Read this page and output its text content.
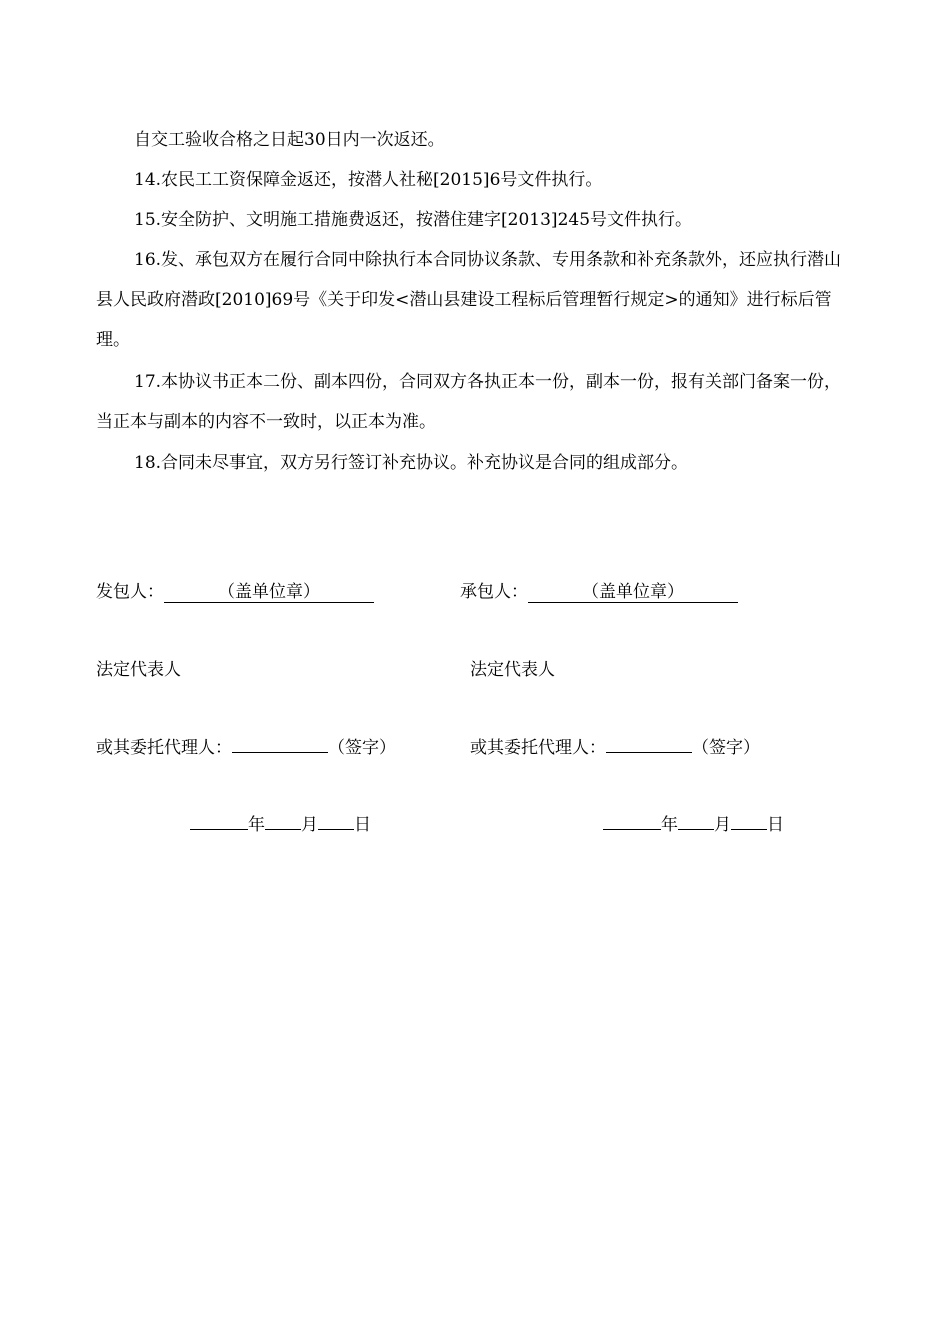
自交工验收合格之日起30日内一次返还。

14.农民工工资保障金返还，按潜人社秘[2015]6号文件执行。

15.安全防护、文明施工措施费返还，按潜住建字[2013]245号文件执行。

16.发、承包双方在履行合同中除执行本合同协议条款、专用条款和补充条款外，还应执行潜山县人民政府潜政[2010]69号《关于印发<潜山县建设工程标后管理暂行规定>的通知》进行标后管理。

17.本协议书正本二份、副本四份，合同双方各执正本一份，副本一份，报有关部门备案一份，当正本与副本的内容不一致时，以正本为准。

18.合同未尽事宜，双方另行签订补充协议。补充协议是合同的组成部分。

发包人：	（盖单位章）
法定代表人
或其委托代理人：	（签字）
年 月 日
承包人：	（盖单位章）
法定代表人
或其委托代理人：	（签字）
年 月 日
